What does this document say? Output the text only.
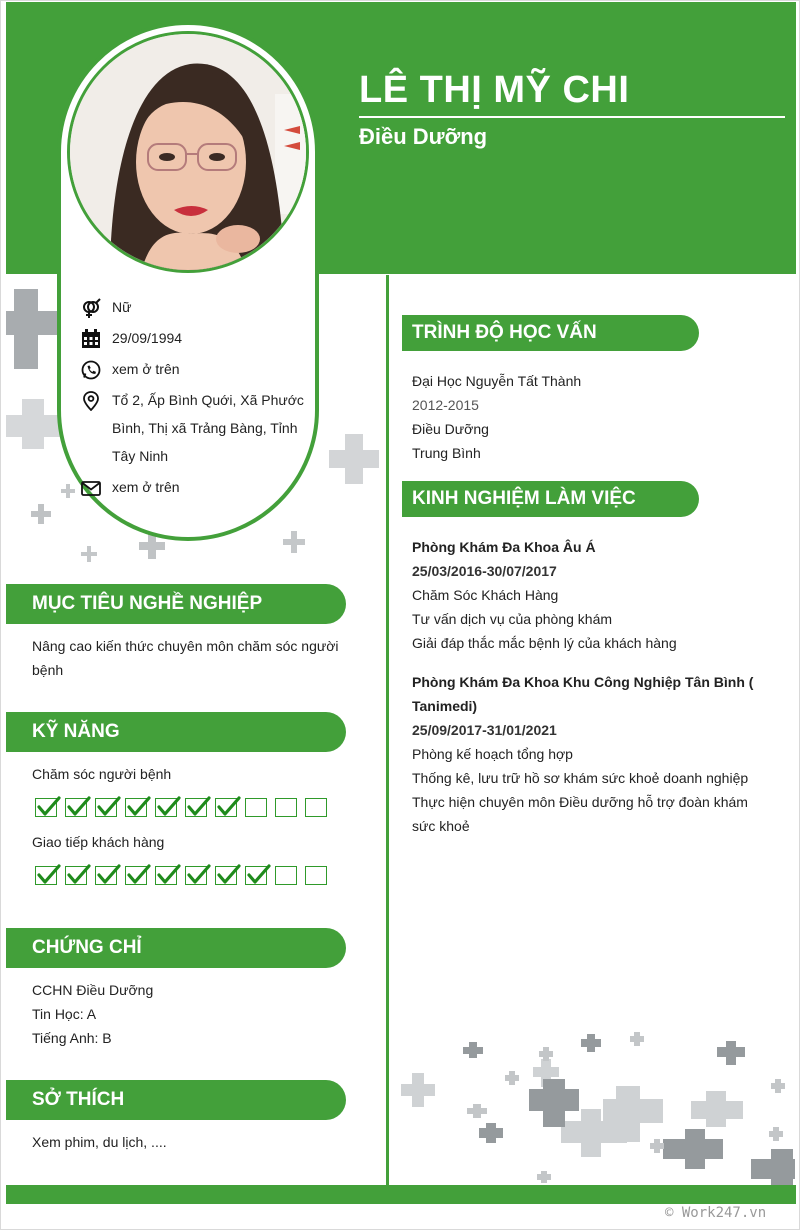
LÊ THỊ MỸ CHI
Điều Dưỡng
Nữ
29/09/1994
xem ở trên
Tổ 2, Ấp Bình Quới, Xã Phước Bình, Thị xã Trảng Bàng, Tỉnh Tây Ninh
xem ở trên
MỤC TIÊU NGHỀ NGHIỆP
Nâng cao kiến thức chuyên môn chăm sóc người bệnh
KỸ NĂNG
Chăm sóc người bệnh
Giao tiếp khách hàng
CHỨNG CHỈ
CCHN Điều Dưỡng
Tin Học: A
Tiếng Anh: B
SỞ THÍCH
Xem phim, du lịch, ....
TRÌNH ĐỘ HỌC VẤN
Đại Học Nguyễn Tất Thành
2012-2015
Điều Dưỡng
Trung Bình
KINH NGHIỆM LÀM VIỆC
Phòng Khám Đa Khoa Âu Á
25/03/2016-30/07/2017
Chăm Sóc Khách Hàng
Tư vấn dịch vụ của phòng khám
Giải đáp thắc mắc bệnh lý của khách hàng
Phòng Khám Đa Khoa Khu Công Nghiệp Tân Bình ( Tanimedi)
25/09/2017-31/01/2021
Phòng kế hoạch tổng hợp
Thống kê, lưu trữ hồ sơ khám sức khoẻ doanh nghiệp
Thực hiện chuyên môn Điều dưỡng hỗ trợ đoàn khám sức khoẻ
© Work247.vn
